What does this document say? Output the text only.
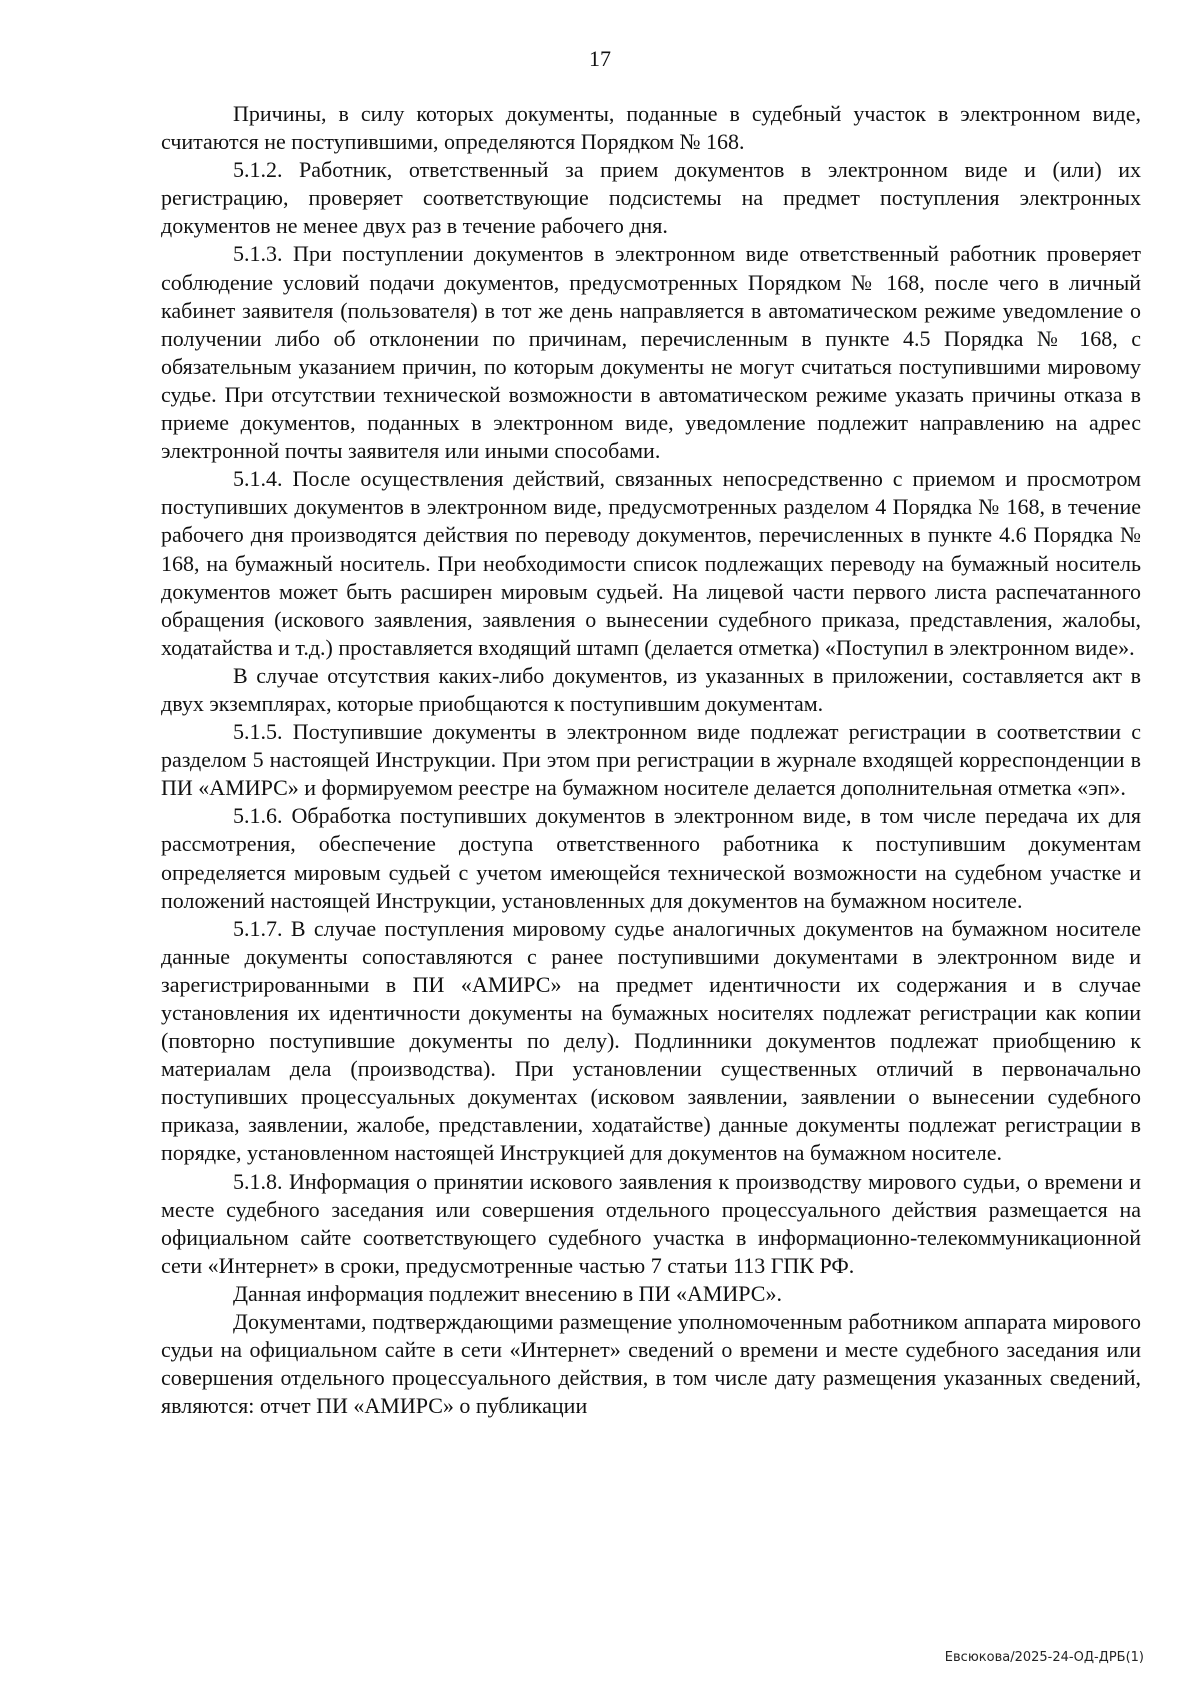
17

Причины, в силу которых документы, поданные в судебный участок в электронном виде, считаются не поступившими, определяются Порядком № 168.

5.1.2. Работник, ответственный за прием документов в электронном виде и (или) их регистрацию, проверяет соответствующие подсистемы на предмет поступления электронных документов не менее двух раз в течение рабочего дня.

5.1.3. При поступлении документов в электронном виде ответственный работник проверяет соблюдение условий подачи документов, предусмотренных Порядком № 168, после чего в личный кабинет заявителя (пользователя) в тот же день направляется в автоматическом режиме уведомление о получении либо об отклонении по причинам, перечисленным в пункте 4.5 Порядка № 168, с обязательным указанием причин, по которым документы не могут считаться поступившими мировому судье. При отсутствии технической возможности в автоматическом режиме указать причины отказа в приеме документов, поданных в электронном виде, уведомление подлежит направлению на адрес электронной почты заявителя или иными способами.

5.1.4. После осуществления действий, связанных непосредственно с приемом и просмотром поступивших документов в электронном виде, предусмотренных разделом 4 Порядка № 168, в течение рабочего дня производятся действия по переводу документов, перечисленных в пункте 4.6 Порядка № 168, на бумажный носитель. При необходимости список подлежащих переводу на бумажный носитель документов может быть расширен мировым судьей. На лицевой части первого листа распечатанного обращения (искового заявления, заявления о вынесении судебного приказа, представления, жалобы, ходатайства и т.д.) проставляется входящий штамп (делается отметка) «Поступил в электронном виде».

В случае отсутствия каких-либо документов, из указанных в приложении, составляется акт в двух экземплярах, которые приобщаются к поступившим документам.

5.1.5. Поступившие документы в электронном виде подлежат регистрации в соответствии с разделом 5 настоящей Инструкции. При этом при регистрации в журнале входящей корреспонденции в ПИ «АМИРС» и формируемом реестре на бумажном носителе делается дополнительная отметка «эп».

5.1.6. Обработка поступивших документов в электронном виде, в том числе передача их для рассмотрения, обеспечение доступа ответственного работника к поступившим документам определяется мировым судьей с учетом имеющейся технической возможности на судебном участке и положений настоящей Инструкции, установленных для документов на бумажном носителе.

5.1.7. В случае поступления мировому судье аналогичных документов на бумажном носителе данные документы сопоставляются с ранее поступившими документами в электронном виде и зарегистрированными в ПИ «АМИРС» на предмет идентичности их содержания и в случае установления их идентичности документы на бумажных носителях подлежат регистрации как копии (повторно поступившие документы по делу). Подлинники документов подлежат приобщению к материалам дела (производства). При установлении существенных отличий в первоначально поступивших процессуальных документах (исковом заявлении, заявлении о вынесении судебного приказа, заявлении, жалобе, представлении, ходатайстве) данные документы подлежат регистрации в порядке, установленном настоящей Инструкцией для документов на бумажном носителе.

5.1.8. Информация о принятии искового заявления к производству мирового судьи, о времени и месте судебного заседания или совершения отдельного процессуального действия размещается на официальном сайте соответствующего судебного участка в информационно-телекоммуникационной сети «Интернет» в сроки, предусмотренные частью 7 статьи 113 ГПК РФ.

Данная информация подлежит внесению в ПИ «АМИРС».

Документами, подтверждающими размещение уполномоченным работником аппарата мирового судьи на официальном сайте в сети «Интернет» сведений о времени и месте судебного заседания или совершения отдельного процессуального действия, в том числе дату размещения указанных сведений, являются: отчет ПИ «АМИРС» о публикации

Евсюкова/2025-24-ОД-ДРБ(1)
